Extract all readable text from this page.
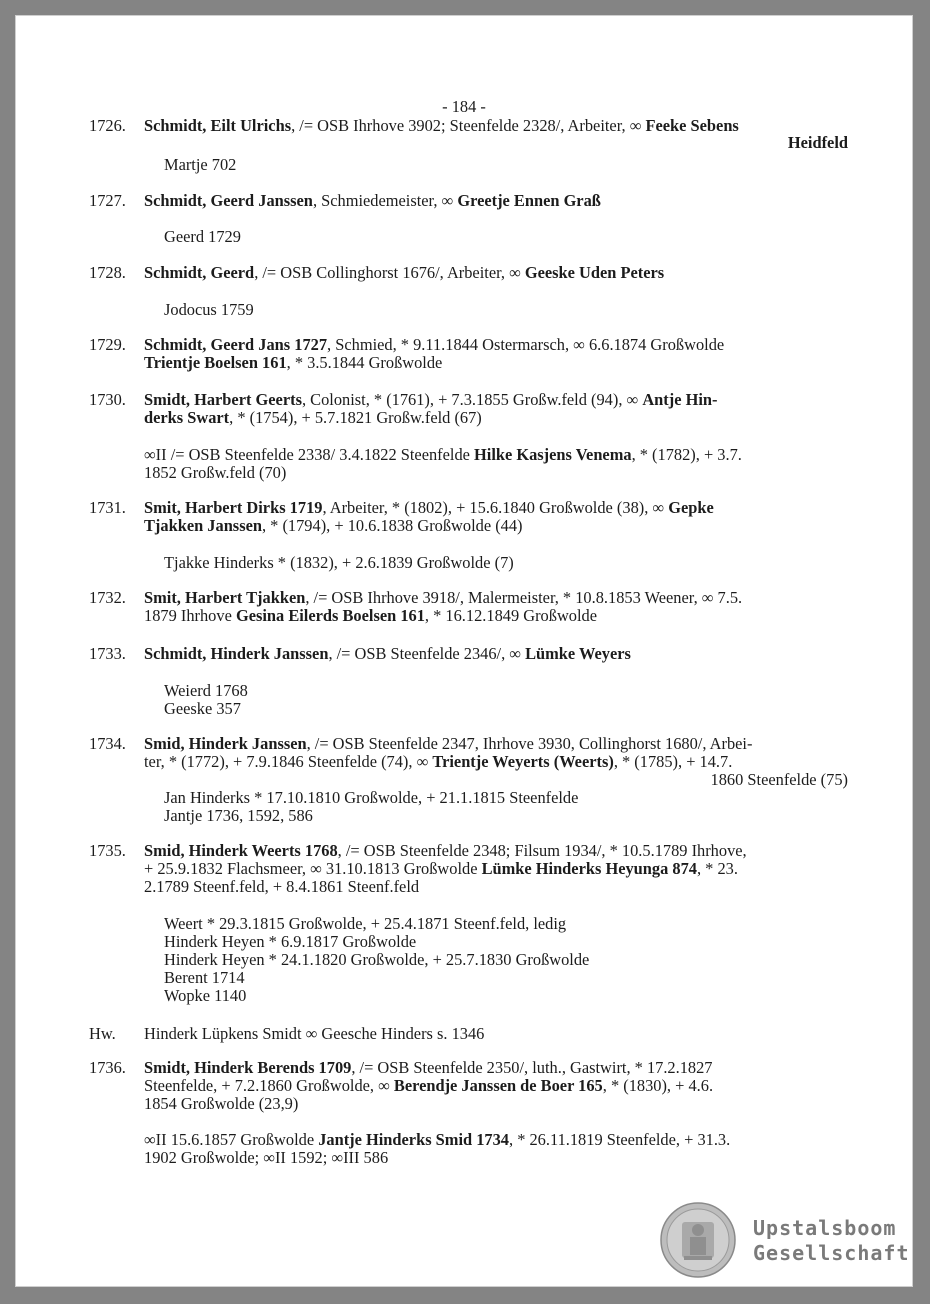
- 184 -
1726. Schmidt, Eilt Ulrichs, /= OSB Ihrhove 3902; Steenfelde 2328/, Arbeiter, ∞ Feeke Sebens
Heidfeld
Martje 702
1727. Schmidt, Geerd Janssen, Schmiedemeister, ∞ Greetje Ennen Graß
Geerd 1729
1728. Schmidt, Geerd, /= OSB Collinghorst 1676/, Arbeiter, ∞ Geeske Uden Peters
Jodocus 1759
1729. Schmidt, Geerd Jans 1727, Schmied, * 9.11.1844 Ostermarsch, ∞ 6.6.1874 Großwolde
Trientje Boelsen 161, * 3.5.1844 Großwolde
1730. Smidt, Harbert Geerts, Colonist, * (1761), + 7.3.1855 Großw.feld (94), ∞ Antje Hin-
derks Swart, * (1754), + 5.7.1821 Großw.feld (67)
∞II /= OSB Steenfelde 2338/ 3.4.1822 Steenfelde Hilke Kasjens Venema, * (1782), + 3.7.
1852 Großw.feld (70)
1731. Smit, Harbert Dirks 1719, Arbeiter, * (1802), + 15.6.1840 Großwolde (38), ∞ Gepke
Tjakken Janssen, * (1794), + 10.6.1838 Großwolde (44)
Tjakke Hinderks * (1832), + 2.6.1839 Großwolde (7)
1732. Smit, Harbert Tjakken, /= OSB Ihrhove 3918/, Malermeister, * 10.8.1853 Weener, ∞ 7.5.
1879 Ihrhove Gesina Eilerds Boelsen 161, * 16.12.1849 Großwolde
1733. Schmidt, Hinderk Janssen, /= OSB Steenfelde 2346/, ∞ Lümke Weyers
Weierd 1768
Geeske 357
1734. Smid, Hinderk Janssen, /= OSB Steenfelde 2347, Ihrhove 3930, Collinghorst 1680/, Arbei-
ter, * (1772), + 7.9.1846 Steenfelde (74), ∞ Trientje Weyerts (Weerts), * (1785), + 14.7.
1860 Steenfelde (75)
Jan Hinderks * 17.10.1810 Großwolde, + 21.1.1815 Steenfelde
Jantje 1736, 1592, 586
1735. Smid, Hinderk Weerts 1768, /= OSB Steenfelde 2348; Filsum 1934/, * 10.5.1789 Ihrhove,
+ 25.9.1832 Flachsmeer, ∞ 31.10.1813 Großwolde Lümke Hinderks Heyunga 874, * 23.
2.1789 Steenf.feld, + 8.4.1861 Steenf.feld
Weert * 29.3.1815 Großwolde, + 25.4.1871 Steenf.feld, ledig
Hinderk Heyen * 6.9.1817 Großwolde
Hinderk Heyen * 24.1.1820 Großwolde, + 25.7.1830 Großwolde
Berent 1714
Wopke 1140
Hw. Hinderk Lüpkens Smidt ∞ Geesche Hinders s. 1346
1736. Smidt, Hinderk Berends 1709, /= OSB Steenfelde 2350/, luth., Gastwirt, * 17.2.1827
Steenfelde, + 7.2.1860 Großwolde, ∞ Berendje Janssen de Boer 165, * (1830), + 4.6.
1854 Großwolde (23,9)
∞II 15.6.1857 Großwolde Jantje Hinderks Smid 1734, * 26.11.1819 Steenfelde, + 31.3.
1902 Großwolde; ∞II 1592; ∞III 586
Upstalsboom
Gesellschaft
